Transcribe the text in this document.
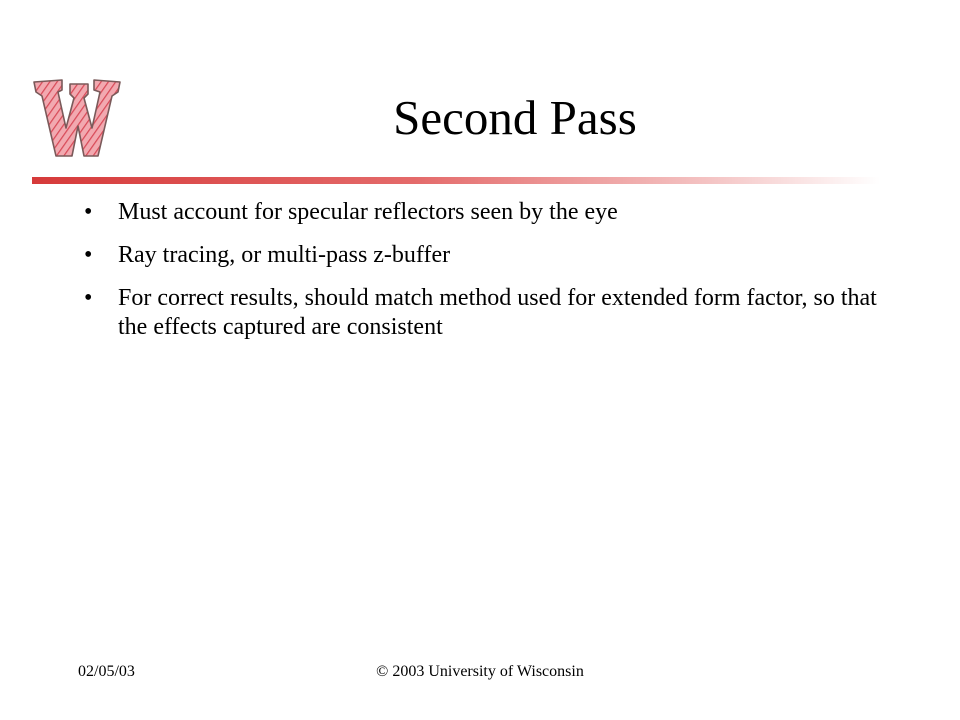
Second Pass
• Must account for specular reflectors seen by the eye
• Ray tracing, or multi-pass z-buffer
• For correct results, should match method used for extended form factor, so that the effects captured are consistent
02/05/03	© 2003 University of Wisconsin
